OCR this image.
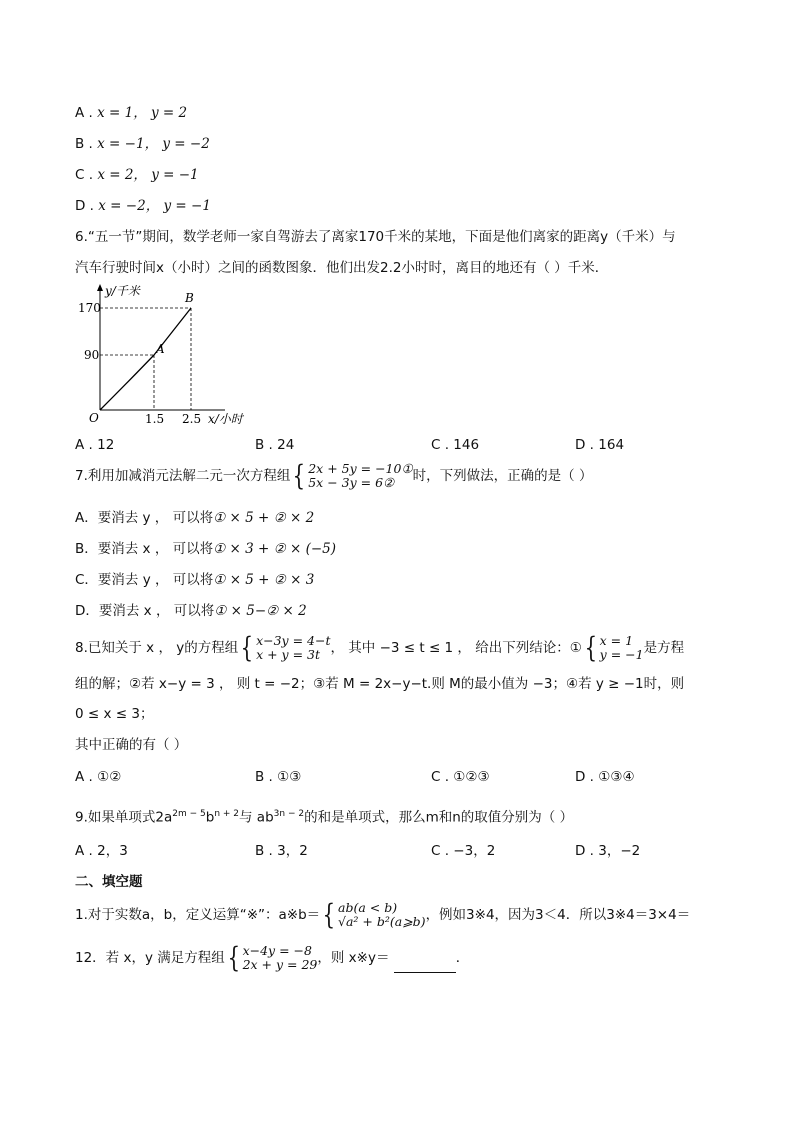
A . x = 1， y = 2
B . x = −1， y = −2
C . x = 2， y = −1
D . x = −2， y = −1
6.“五一节”期间，数学老师一家自驾游去了离家170千米的某地，下面是他们离家的距离y（千米）与
汽车行驶时间x（小时）之间的函数图象．他们出发2.2小时时，离目的地还有（ ）千米．
y/千米
170
90
O	1.5 2.5 x/小时
A
B
A . 12	B . 24	C . 146	D . 164
7.利用加减消元法解二元一次方程组{ 2x + 5y = −10①
5x − 3y = 6②	时，下列做法，正确的是（ ）
A．要消去 y ， 可以将① × 5 + ② × 2
B．要消去 x ， 可以将① × 3 + ② × (−5)
C．要消去 y ， 可以将① × 5 + ② × 3
D．要消去 x ， 可以将① × 5−② × 2
8.已知关于 x ， y的方程组{ x−3y = 4−t
x + y = 3t ， 其中 −3 ≤ t ≤ 1 ， 给出下列结论：①{ x = 1
y = −1 是方程
组的解；②若 x−y = 3 ， 则 t = −2；③若 M = 2x−y−t.则 M的最小值为 −3；④若 y ≥ −1时，则
0 ≤ x ≤ 3；
其中正确的有（ ）
A . ①②	B . ①③	C . ①②③	D . ①③④
9.如果单项式$2a^{2m - 5}b^{n + 2}$与 $ab^{3n - 2}$的和是单项式，那么m和n的取值分别为（ ）
A . 2，3	B . 3，2	C . −3，2	D . 3，−2
二、填空题
1.对于实数a，b，定义运算“※”：a※b＝{ ab(a < b)
√a² + b²(a⩾b) ，例如3※4，因为3＜4．所以3※4＝3×4＝
12．若 x，y 满足方程组{ x−4y = −8
2x + y = 29 ，则 x※y＝	．
